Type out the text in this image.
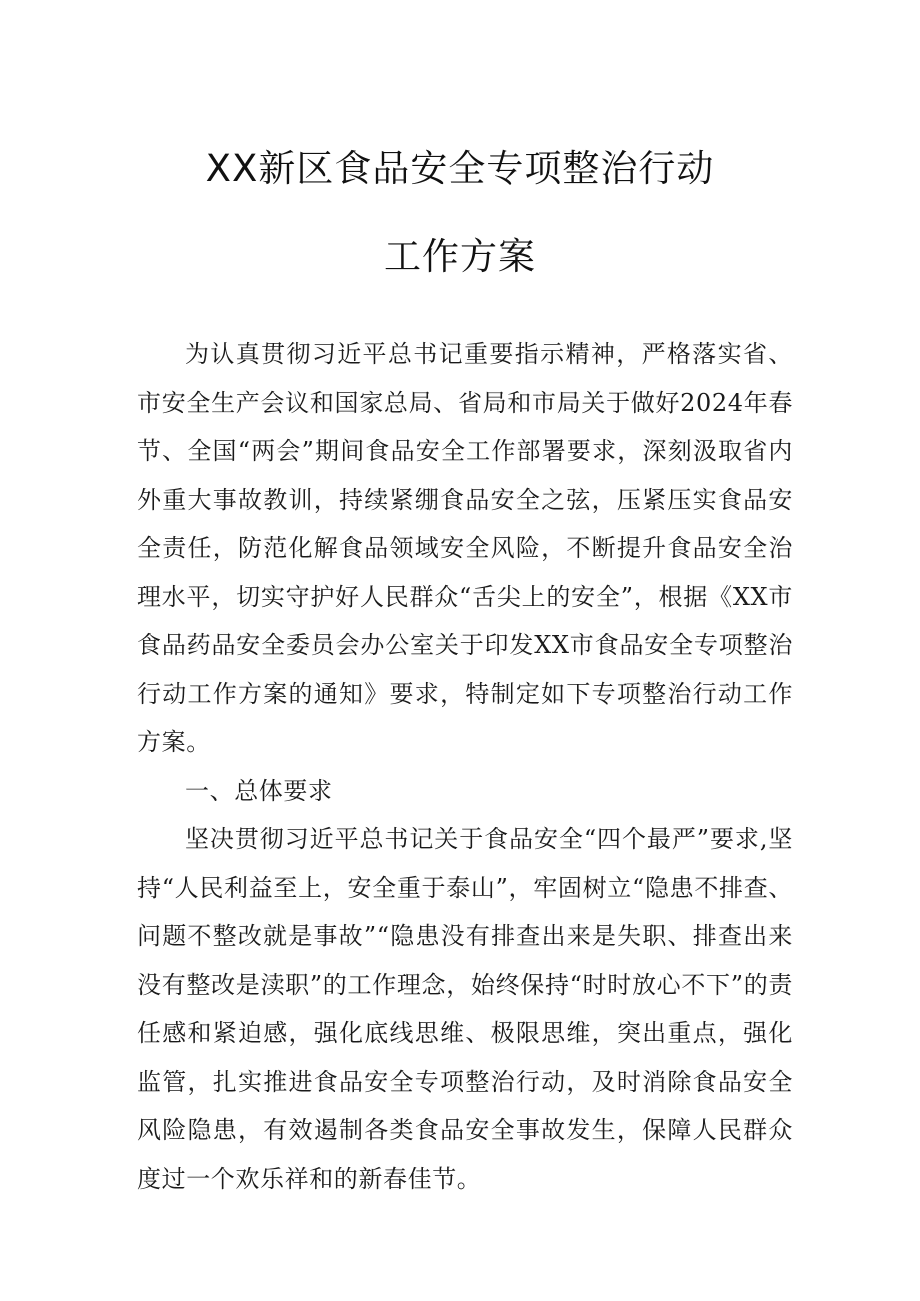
XX新区食品安全专项整治行动
工作方案

为认真贯彻习近平总书记重要指示精神，严格落实省、市安全生产会议和国家总局、省局和市局关于做好2024年春节、全国“两会”期间食品安全工作部署要求，深刻汲取省内外重大事故教训，持续紧绷食品安全之弦，压紧压实食品安全责任，防范化解食品领域安全风险，不断提升食品安全治理水平，切实守护好人民群众“舌尖上的安全”，根据《XX市食品药品安全委员会办公室关于印发XX市食品安全专项整治行动工作方案的通知》要求，特制定如下专项整治行动工作方案。

一、总体要求

坚决贯彻习近平总书记关于食品安全“四个最严”要求,坚持“人民利益至上，安全重于泰山”，牢固树立“隐患不排查、问题不整改就是事故”“隐患没有排查出来是失职、排查出来没有整改是渎职”的工作理念，始终保持“时时放心不下”的责任感和紧迫感，强化底线思维、极限思维，突出重点，强化监管，扎实推进食品安全专项整治行动，及时消除食品安全风险隐患，有效遏制各类食品安全事故发生，保障人民群众度过一个欢乐祥和的新春佳节。
